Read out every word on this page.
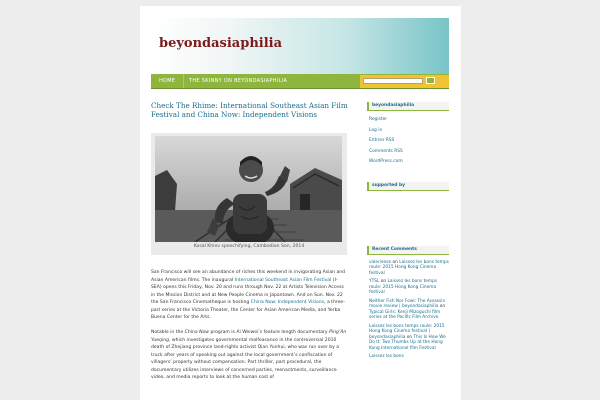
beyondasiaphilia
HOME	THE SKINNY ON BEYONDASIAPHILIA
Check The Rhime: International Southeast Asian Film Festival and China Now: Independent Visions
Kosal Khiev speechifying, Cambodian Son, 2014

San Francisco will see an abundance of riches this weekend in invigorating Asian and Asian American films. The inaugural International Southeast Asian Film Festival (I-SEA) opens this Friday, Nov. 20 and runs through Nov. 22 at Artists Television Access in the Mission District and at New People Cinema in Japantown. And on Sun. Nov. 22 the San Francisco Cinematheque is hosting China Now: Independent Visions, a three-part series at the Victoria Theater, the Center for Asian American Media, and Yerba Buena Center for the Arts.

Notable in the China Now program is Ai Weiwei’s feature length documentary Ping’An Yueqing, which investigates governmental malfeasance in the controversial 2010 death of Zhejiang province land-rights activist Qian Yunhui, who was run over by a truck after years of speaking out against the local government’s confiscation of villagers’ property without compensation. Part thriller, part procedural, the documentary utilizes interviews of concerned parties, reenactments, surveillance video, and media reports to look at the human cost of

beyondasiaphilia
Register
Log in
Entries RSS
Comments RSS
WordPress.com
supported by
Recent Comments
valerieose on Laissez les bons temps roule: 2015 Hong Kong Cinema festival
YTSL on Laissez les bons temps roule: 2015 Hong Kong Cinema festival
Neither Fish Nor Fowl: The Assassin movie review | beyondasiaphilia on Typical Girls: Kenji Mizoguchi film series at the Pacific Film Archive
Laissez les bons temps roule: 2015 Hong Kong Cinema festival | beyondasiaphilia on This Is How We Do It: Two Thumbs Up at the Hong Kong International film Festival
Laissez les bons
